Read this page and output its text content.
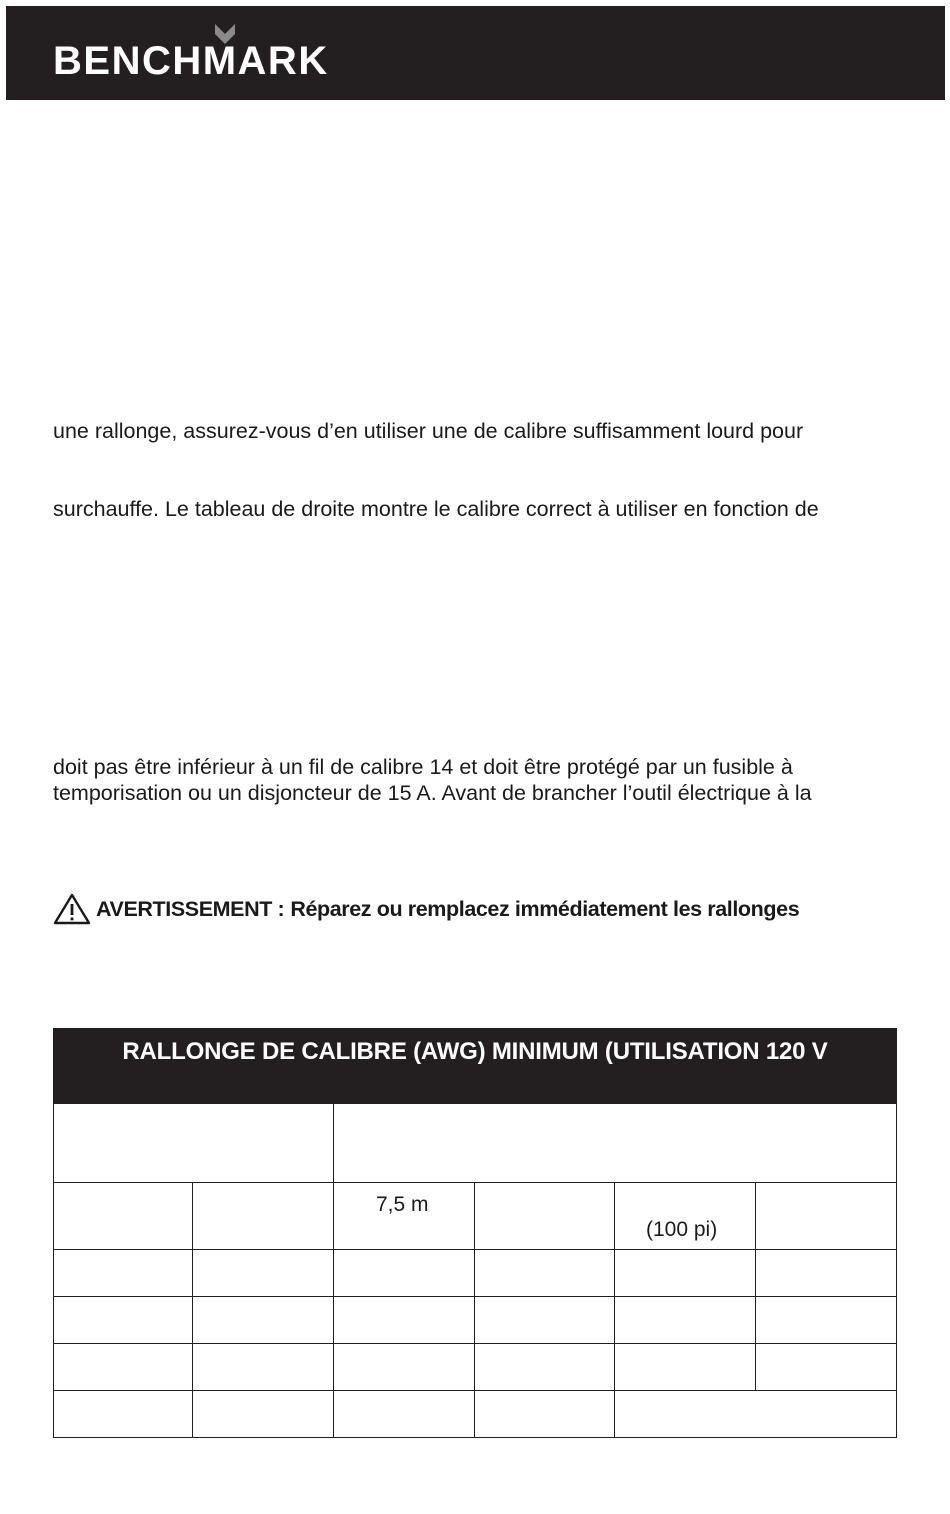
BENCHMARK

une rallonge, assurez-vous d’en utiliser une de calibre suffisamment lourd pour

surchauffe. Le tableau de droite montre le calibre correct à utiliser en fonction de

doit pas être inférieur à un fil de calibre 14 et doit être protégé par un fusible à

temporisation ou un disjoncteur de 15 A. Avant de brancher l’outil électrique à la

AVERTISSEMENT : Réparez ou remplacez immédiatement les rallonges
RALLONGE DE CALIBRE (AWG) MINIMUM (UTILISATION 120 V
7,5 m
(100 pi)
